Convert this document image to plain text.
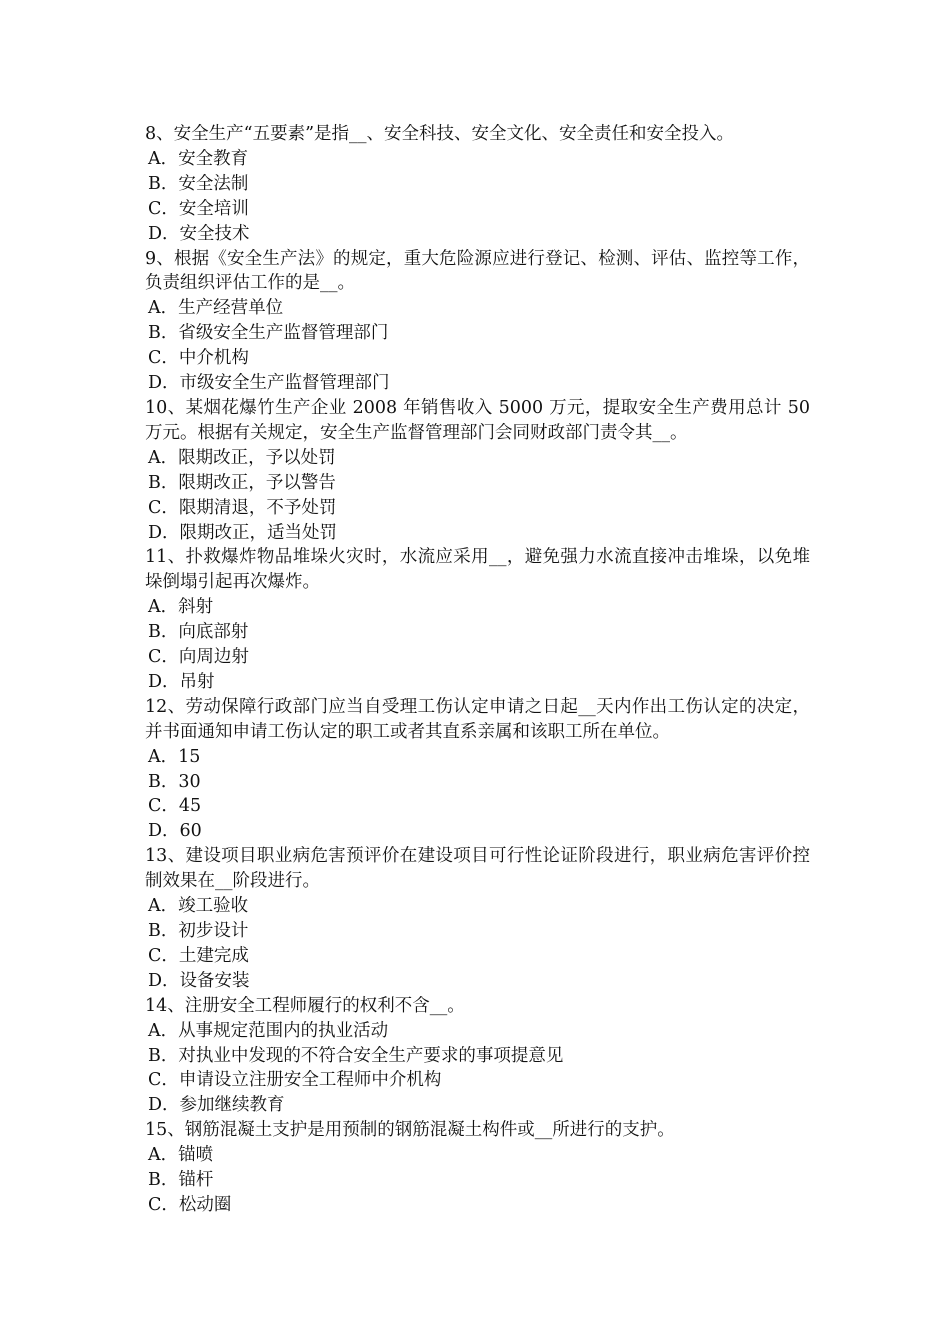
8、安全生产“五要素”是指__、安全科技、安全文化、安全责任和安全投入。

A．安全教育

B．安全法制

C．安全培训

D．安全技术

9、根据《安全生产法》的规定，重大危险源应进行登记、检测、评估、监控等工作，负责组织评估工作的是__。

A．生产经营单位

B．省级安全生产监督管理部门

C．中介机构

D．市级安全生产监督管理部门

10、某烟花爆竹生产企业 2008 年销售收入 5000 万元，提取安全生产费用总计 50 万元。根据有关规定，安全生产监督管理部门会同财政部门责令其__。

A．限期改正，予以处罚

B．限期改正，予以警告

C．限期清退，不予处罚

D．限期改正，适当处罚

11、扑救爆炸物品堆垛火灾时，水流应采用__，避免强力水流直接冲击堆垛，以免堆垛倒塌引起再次爆炸。

A．斜射

B．向底部射

C．向周边射

D．吊射

12、劳动保障行政部门应当自受理工伤认定申请之日起__天内作出工伤认定的决定，并书面通知申请工伤认定的职工或者其直系亲属和该职工所在单位。

A．15

B．30

C．45

D．60

13、建设项目职业病危害预评价在建设项目可行性论证阶段进行，职业病危害评价控制效果在__阶段进行。

A．竣工验收

B．初步设计

C．土建完成

D．设备安装

14、注册安全工程师履行的权利不含__。

A．从事规定范围内的执业活动

B．对执业中发现的不符合安全生产要求的事项提意见

C．申请设立注册安全工程师中介机构

D．参加继续教育

15、钢筋混凝土支护是用预制的钢筋混凝土构件或__所进行的支护。

A．锚喷

B．锚杆

C．松动圈
